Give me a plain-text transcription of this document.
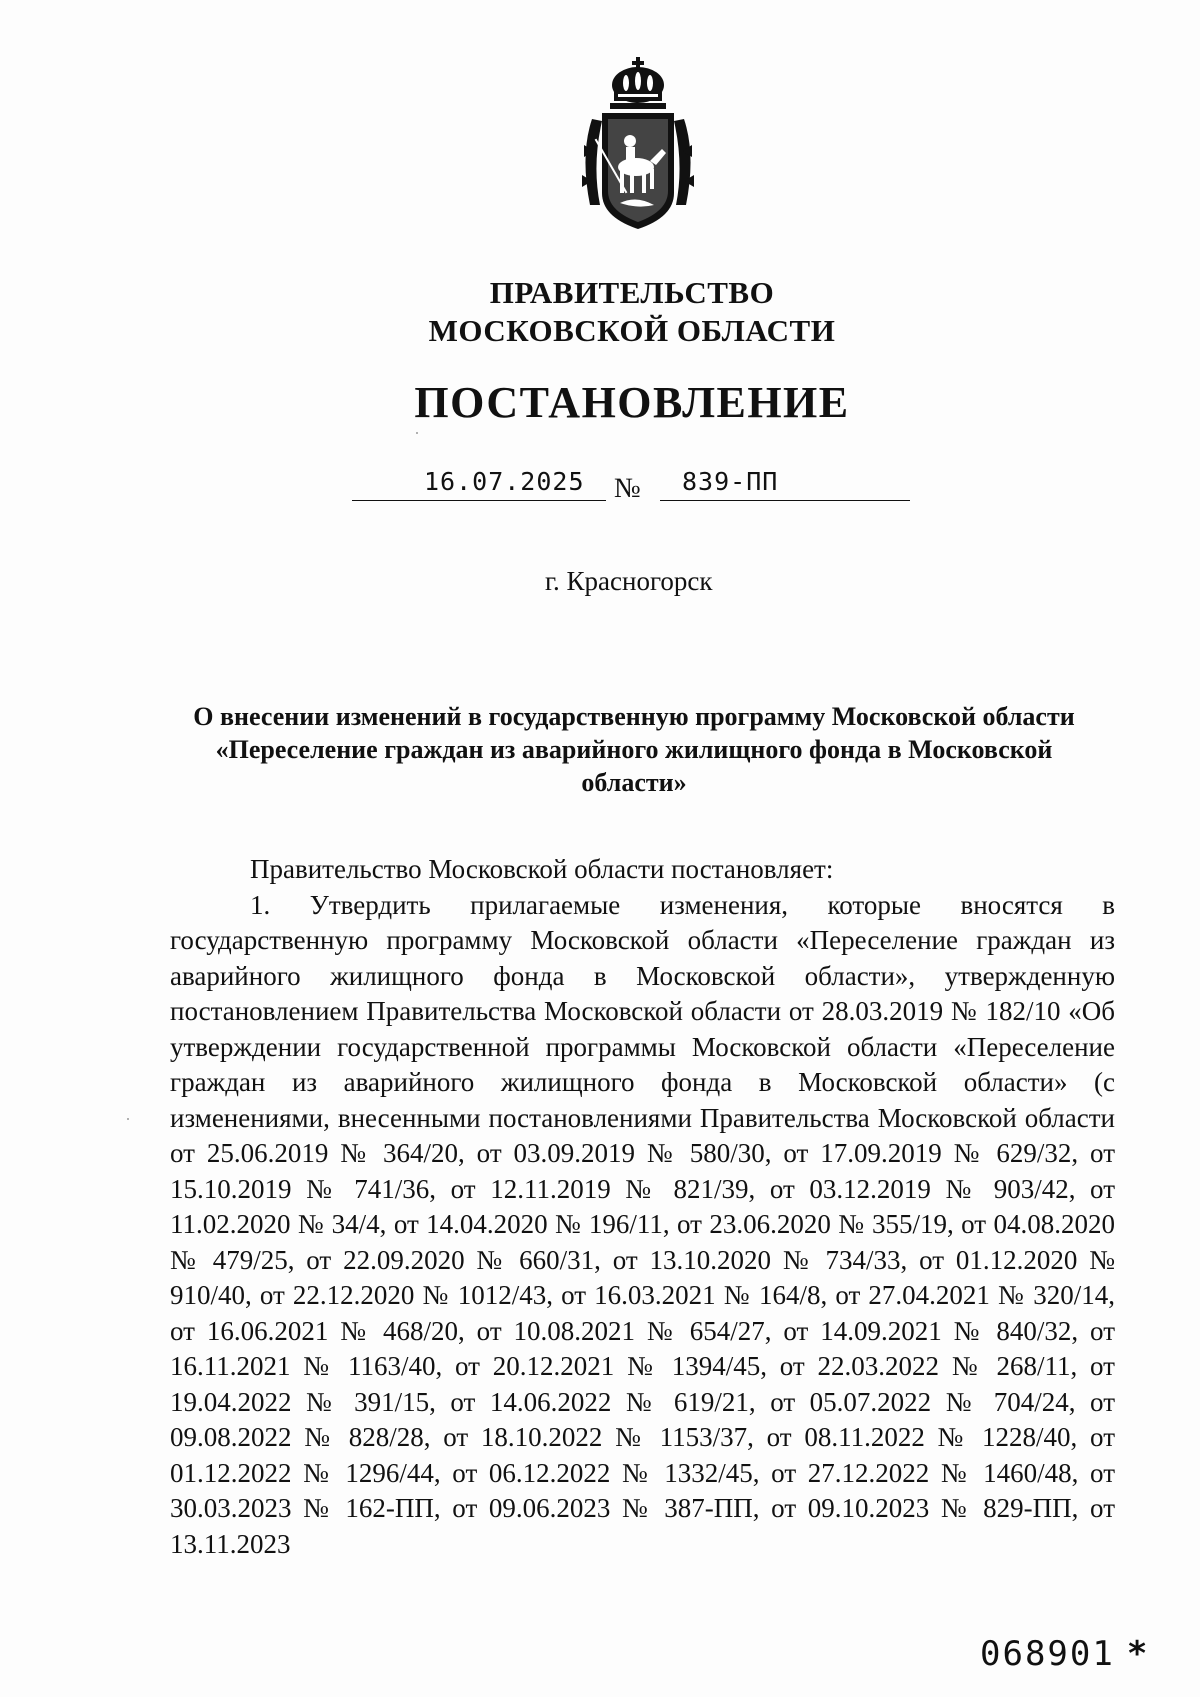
ПРАВИТЕЛЬСТВО
МОСКОВСКОЙ ОБЛАСТИ
ПОСТАНОВЛЕНИЕ
16.07.2025 № 839-ПП
г. Красногорск
О внесении изменений в государственную программу Московской области «Переселение граждан из аварийного жилищного фонда в Московской области»

Правительство Московской области постановляет:

1. Утвердить прилагаемые изменения, которые вносятся в государственную программу Московской области «Переселение граждан из аварийного жилищного фонда в Московской области», утвержденную постановлением Правительства Московской области от 28.03.2019 № 182/10 «Об утверждении государственной программы Московской области «Переселение граждан из аварийного жилищного фонда в Московской области» (с изменениями, внесенными постановлениями Правительства Московской области от 25.06.2019 № 364/20, от 03.09.2019 № 580/30, от 17.09.2019 № 629/32, от 15.10.2019 № 741/36, от 12.11.2019 № 821/39, от 03.12.2019 № 903/42, от 11.02.2020 № 34/4, от 14.04.2020 № 196/11, от 23.06.2020 № 355/19, от 04.08.2020 № 479/25, от 22.09.2020 № 660/31, от 13.10.2020 № 734/33, от 01.12.2020 № 910/40, от 22.12.2020 № 1012/43, от 16.03.2021 № 164/8, от 27.04.2021 № 320/14, от 16.06.2021 № 468/20, от 10.08.2021 № 654/27, от 14.09.2021 № 840/32, от 16.11.2021 № 1163/40, от 20.12.2021 № 1394/45, от 22.03.2022 № 268/11, от 19.04.2022 № 391/15, от 14.06.2022 № 619/21, от 05.07.2022 № 704/24, от 09.08.2022 № 828/28, от 18.10.2022 № 1153/37, от 08.11.2022 № 1228/40, от 01.12.2022 № 1296/44, от 06.12.2022 № 1332/45, от 27.12.2022 № 1460/48, от 30.03.2023 № 162-ПП, от 09.06.2023 № 387-ПП, от 09.10.2023 № 829-ПП, от 13.11.2023

068901 *
